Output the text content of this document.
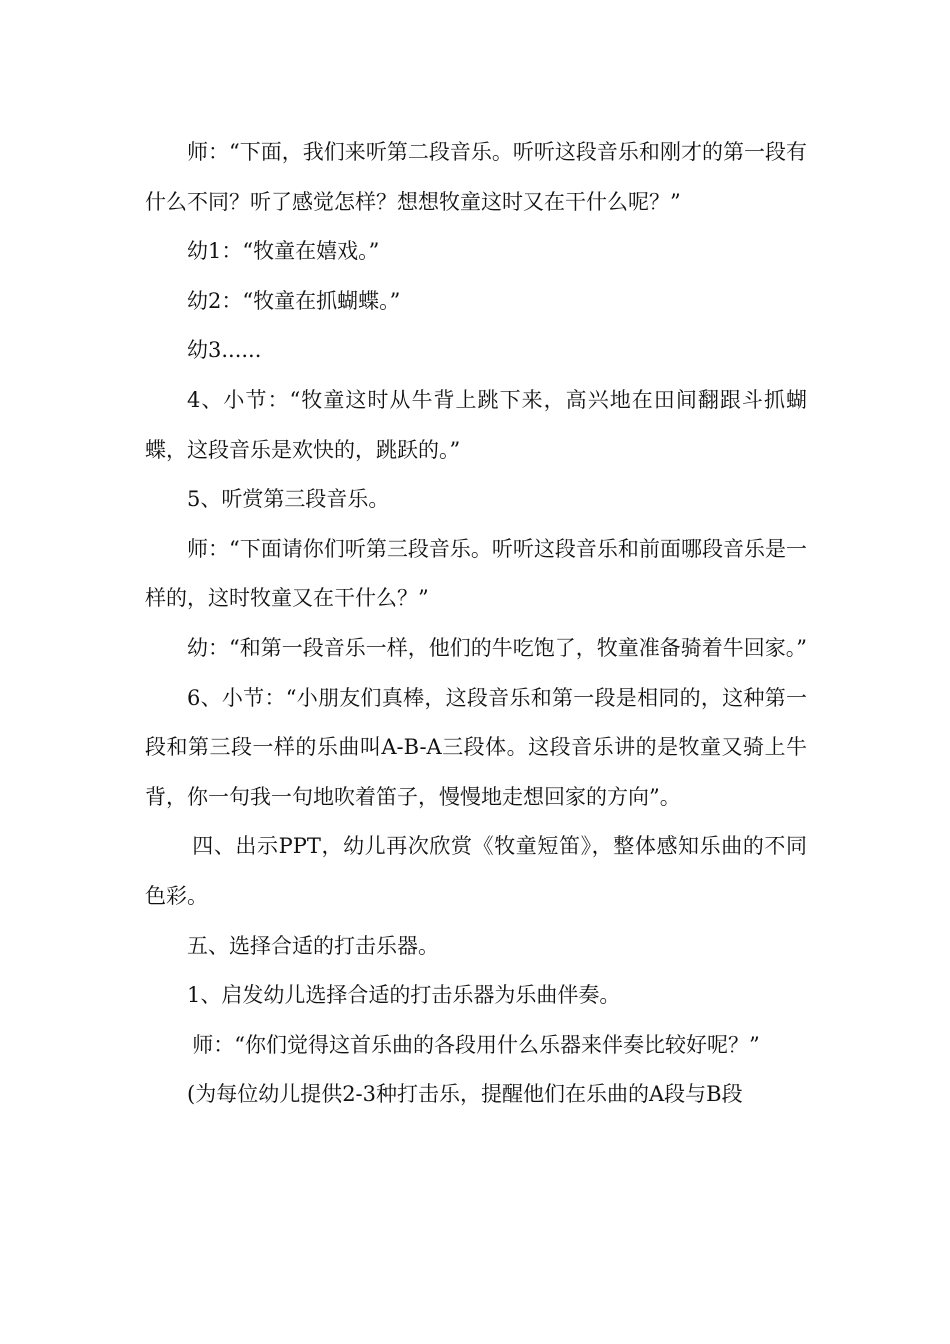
师：“下面，我们来听第二段音乐。听听这段音乐和刚才的第一段有什么不同？听了感觉怎样？想想牧童这时又在干什么呢？”

幼1：“牧童在嬉戏。”

幼2：“牧童在抓蝴蝶。”

幼3......

4、小节：“牧童这时从牛背上跳下来，高兴地在田间翻跟斗抓蝴蝶，这段音乐是欢快的，跳跃的。”

5、听赏第三段音乐。

师：“下面请你们听第三段音乐。听听这段音乐和前面哪段音乐是一样的，这时牧童又在干什么？”

幼：“和第一段音乐一样，他们的牛吃饱了，牧童准备骑着牛回家。”

6、小节：“小朋友们真棒，这段音乐和第一段是相同的，这种第一段和第三段一样的乐曲叫A-B-A三段体。这段音乐讲的是牧童又骑上牛背，你一句我一句地吹着笛子，慢慢地走想回家的方向”。

四、出示PPT，幼儿再次欣赏《牧童短笛》，整体感知乐曲的不同色彩。

五、选择合适的打击乐器。

1、启发幼儿选择合适的打击乐器为乐曲伴奏。

师：“你们觉得这首乐曲的各段用什么乐器来伴奏比较好呢？”

(为每位幼儿提供2-3种打击乐，提醒他们在乐曲的A段与B段
